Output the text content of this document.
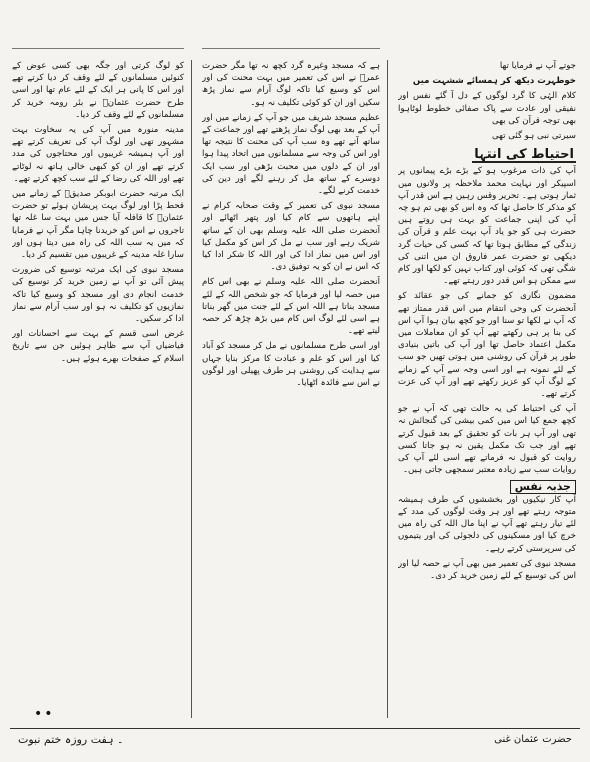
جوتے آپ نے فرمایا تھا

خوطہرت دیکھ کر ہمسائے ششہت میں

کلام الہٰی کا گرد لوگوں کے دل آ گئے نفس اور نفیقی اور عادت سے پاک صفائی خطوط لوٹاہوا بھی توجہ قرآن کی بھی

سیرتی نبی ہو گئی تھی

احتیاط کی انتہا

آپ کی ذات مرغوب ہو کے بڑے بڑے پیمانوں پر اسپیکر اور نہایت محمد ملاحظہ پر ولانوں میں ثمار ہوتی ہے۔ تحریر وقس رہیں ہے اس قدر آپ کو مذکر کا حاصل تھا کہ وہ اس کو بھی تم ہو چہ آپ کی اپنی جماعت کو بہت ہی روتے ہیں حضرت ہی کو جو یاد آپ بہت علم و قرآن کی زندگی کے مطابق ہوتا تھا کہ کسی کی حیات گرد دیکھی تو حضرت عمر فاروق ان میں اتنی کی شگی تھی کہ کوئی اور کتاب نہیں کو لکھا اور کام سے ممکن ہو اس قدر دور رہتے تھے۔

مضمون نگاری کو جمانے کی جو عقائد کو آنحضرت کی وحی انتقام میں اس قدر ممتاز تھے کہ آپ نے لکھا تو سنا اور جو کچھ بیان ہوا آپ اس کی بنا پر ہی رکھتے تھے آپ کو ان معاملات میں مکمل اعتماد حاصل تھا اور آپ کی باتیں بنیادی طور پر قرآن کی روشنی میں ہوتی تھیں جو سب کے لئے نمونہ ہے اور اسی وجہ سے آپ کے زمانے کے لوگ آپ کو عزیز رکھتے تھے اور آپ کی عزت کرتے تھے۔

آپ کی احتیاط کی یہ حالت تھی کہ آپ نے جو کچھ جمع کیا اس میں کمی بیشی کی گنجائش نہ تھی اور آپ ہر بات کو تحقیق کے بعد قبول کرتے تھے اور جب تک مکمل یقین نہ ہو جاتا کسی روایت کو قبول نہ فرماتے تھے اسی لئے آپ کی روایات سب سے زیادہ معتبر سمجھی جاتی ہیں۔

جذبہ نفس

آپ کار نیکیوں اور بخششوں کی طرف ہمیشہ متوجہ رہتے تھے اور ہر وقت لوگوں کی مدد کے لئے تیار رہتے تھے آپ نے اپنا مال اللہ کی راہ میں خرچ کیا اور مسکینوں کی دلجوئی کی اور یتیموں کی سرپرستی کرتے رہے۔

مسجد نبوی کی تعمیر میں بھی آپ نے حصہ لیا اور اس کی توسیع کے لئے زمین خرید کر دی۔

ہے کہ مسجد وغیرہ گرد کچھ نہ تھا مگر حضرت عمرؓ نے اس کی تعمیر میں بہت محنت کی اور اس کو وسیع کیا تاکہ لوگ آرام سے نماز پڑھ سکیں اور ان کو کوئی تکلیف نہ ہو۔

عظیم مسجد شریف میں جو آپ کے زمانے میں اور آپ کے بعد بھی لوگ نماز پڑھتے تھے اور جماعت کے ساتھ آتے تھے وہ سب آپ کی محنت کا نتیجہ تھا اور اس کی وجہ سے مسلمانوں میں اتحاد پیدا ہوا اور ان کے دلوں میں محبت بڑھی اور سب ایک دوسرے کے ساتھ مل کر رہنے لگے اور دین کی خدمت کرنے لگے۔

مسجد نبوی کی تعمیر کے وقت صحابہ کرام نے اپنے ہاتھوں سے کام کیا اور پتھر اٹھائے اور آنحضرت صلی اللہ علیہ وسلم بھی ان کے ساتھ شریک رہے اور سب نے مل کر اس کو مکمل کیا اور اس میں نماز ادا کی اور اللہ کا شکر ادا کیا کہ اس نے ان کو یہ توفیق دی۔

آنحضرت صلی اللہ علیہ وسلم نے بھی اس کام میں حصہ لیا اور فرمایا کہ جو شخص اللہ کے لئے مسجد بناتا ہے اللہ اس کے لئے جنت میں گھر بناتا ہے اسی لئے لوگ اس کام میں بڑھ چڑھ کر حصہ لیتے تھے۔

اور اسی طرح مسلمانوں نے مل کر مسجد کو آباد کیا اور اس کو علم و عبادت کا مرکز بنایا جہاں سے ہدایت کی روشنی ہر طرف پھیلی اور لوگوں نے اس سے فائدہ اٹھایا۔

کو لوگ کرتی اور جگہ بھی کسی عوض کے کنوئیں مسلمانوں کے لئے وقف کر دیا کرتے تھے اور اس کا پانی ہر ایک کے لئے عام تھا اور اسی طرح حضرت عثمانؓ نے بئر رومہ خرید کر مسلمانوں کے لئے وقف کر دیا۔

مدینہ منورہ میں آپ کی یہ سخاوت بہت مشہور تھی اور لوگ آپ کی تعریف کرتے تھے اور آپ ہمیشہ غریبوں اور محتاجوں کی مدد کرتے تھے اور ان کو کبھی خالی ہاتھ نہ لوٹاتے تھے اور اللہ کی رضا کے لئے سب کچھ کرتے تھے۔

ایک مرتبہ حضرت ابوبکر صدیقؓ کے زمانے میں قحط پڑا اور لوگ بہت پریشان ہوئے تو حضرت عثمانؓ کا قافلہ آیا جس میں بہت سا غلہ تھا تاجروں نے اس کو خریدنا چاہا مگر آپ نے فرمایا کہ میں یہ سب اللہ کی راہ میں دیتا ہوں اور سارا غلہ مدینہ کے غریبوں میں تقسیم کر دیا۔

مسجد نبوی کی ایک مرتبہ توسیع کی ضرورت پیش آئی تو آپ نے زمین خرید کر توسیع کی خدمت انجام دی اور مسجد کو وسیع کیا تاکہ نمازیوں کو تکلیف نہ ہو اور سب آرام سے نماز ادا کر سکیں۔

غرض اسی قسم کے بہت سے احسانات اور فیاضیاں آپ سے ظاہر ہوئیں جن سے تاریخ اسلام کے صفحات بھرے ہوئے ہیں۔

••
حضرت عثمان غنی
۔ ہفت روزہ ختم نبوت
